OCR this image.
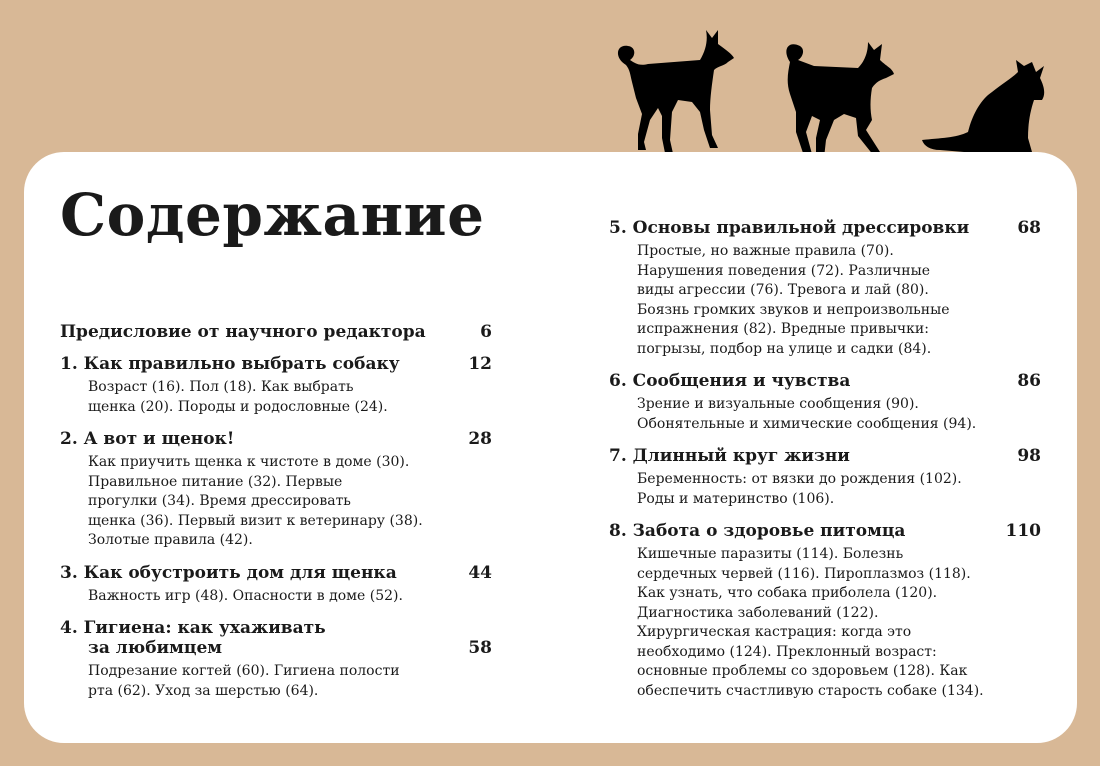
Содержание
Предисловие от научного редактора	6
1. Как правильно выбрать собаку	12
Возраст (16). Пол (18). Как выбрать
щенка (20). Породы и родословные (24).
2. А вот и щенок!	28
Как приучить щенка к чистоте в доме (30).
Правильное питание (32). Первые
прогулки (34). Время дрессировать
щенка (36). Первый визит к ветеринару (38).
Золотые правила (42).
3. Как обустроить дом для щенка	44
Важность игр (48). Опасности в доме (52).
4. Гигиена: как ухаживать
за любимцем	58
Подрезание когтей (60). Гигиена полости
рта (62). Уход за шерстью (64).
5. Основы правильной дрессировки	68
Простые, но важные правила (70).
Нарушения поведения (72). Различные
виды агрессии (76). Тревога и лай (80).
Боязнь громких звуков и непроизвольные
испражнения (82). Вредные привычки:
погрызы, подбор на улице и садки (84).
6. Сообщения и чувства	86
Зрение и визуальные сообщения (90).
Обонятельные и химические сообщения (94).
7. Длинный круг жизни	98
Беременность: от вязки до рождения (102).
Роды и материнство (106).
8. Забота о здоровье питомца	110
Кишечные паразиты (114). Болезнь
сердечных червей (116). Пироплазмоз (118).
Как узнать, что собака приболела (120).
Диагностика заболеваний (122).
Хирургическая кастрация: когда это
необходимо (124). Преклонный возраст:
основные проблемы со здоровьем (128). Как
обеспечить счастливую старость собаке (134).
